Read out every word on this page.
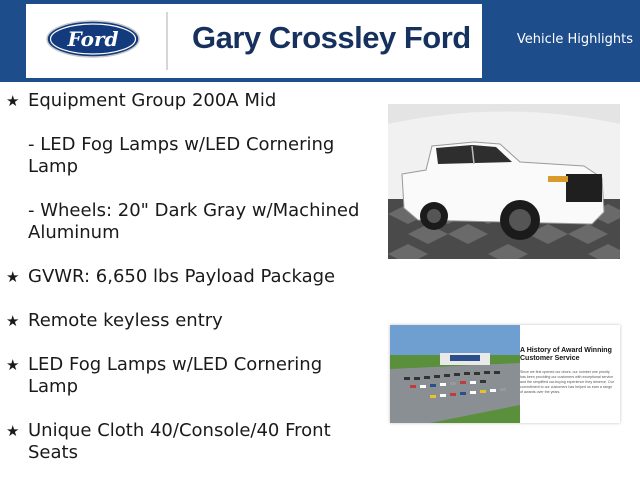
Ford Gary Crossley Ford	Vehicle Highlights
★ Equipment Group 200A Mid
- LED Fog Lamps w/LED Cornering Lamp
- Wheels: 20" Dark Gray w/Machined Aluminum
★ GVWR: 6,650 lbs Payload Package
★ Remote keyless entry
★ LED Fog Lamps w/LED Cornering Lamp
★ Unique Cloth 40/Console/40 Front Seats
A History of Award Winning Customer Service
Since we first opened our doors, our number one priority has been providing our customers with exceptional service and the simplified car-buying experience they deserve. Our commitment to our customers has helped us earn a range of awards over the years.
